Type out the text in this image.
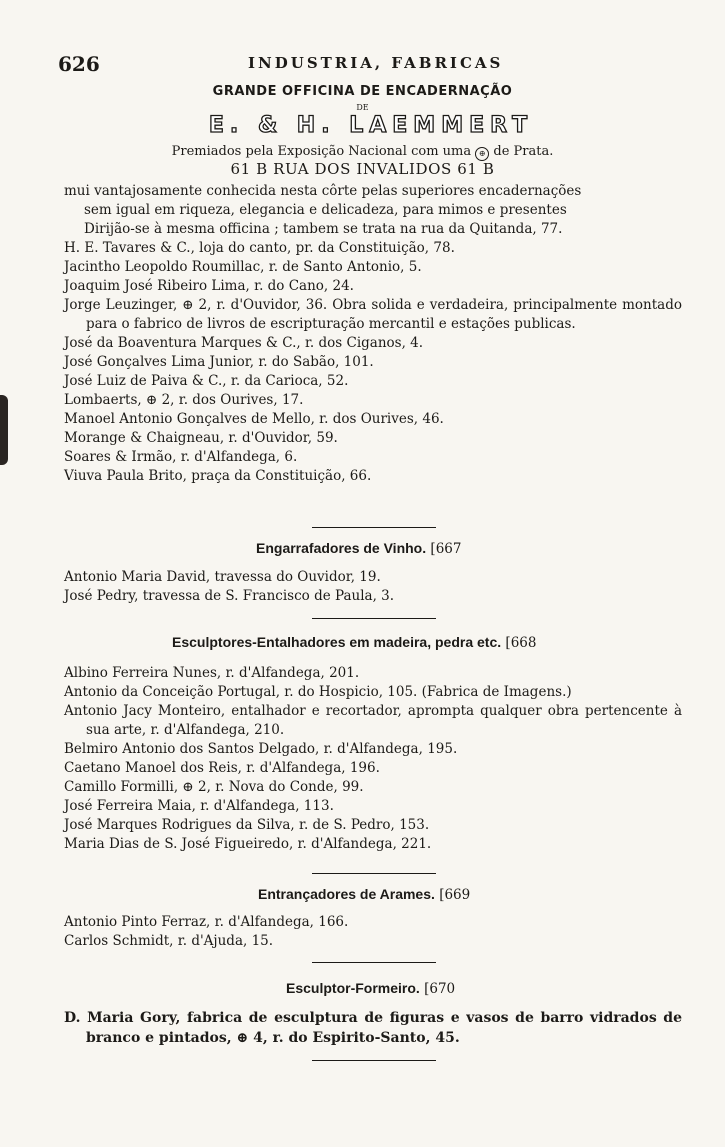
626	INDUSTRIA, FABRICAS
GRANDE OFFICINA DE ENCADERNAÇÃO
DE
E. & H. LAEMMERT
Premiados pela Exposição Nacional com uma ⊕ de Prata.
61 B RUA DOS INVALIDOS 61 B

mui vantajosamente conhecida nesta côrte pelas superiores encadernações

sem igual em riqueza, elegancia e delicadeza, para mimos e presentes

Dirijão-se à mesma officina ; tambem se trata na rua da Quitanda, 77.

H. E. Tavares & C., loja do canto, pr. da Constituição, 78.

Jacintho Leopoldo Roumillac, r. de Santo Antonio, 5.

Joaquim José Ribeiro Lima, r. do Cano, 24.

Jorge Leuzinger, ⊕ 2, r. d'Ouvidor, 36. Obra solida e verdadeira, principalmente montado para o fabrico de livros de escripturação mercantil e estações publicas.

José da Boaventura Marques & C., r. dos Ciganos, 4.

José Gonçalves Lima Junior, r. do Sabão, 101.

José Luiz de Paiva & C., r. da Carioca, 52.

Lombaerts, ⊕ 2, r. dos Ourives, 17.

Manoel Antonio Gonçalves de Mello, r. dos Ourives, 46.

Morange & Chaigneau, r. d'Ouvidor, 59.

Soares & Irmão, r. d'Alfandega, 6.

Viuva Paula Brito, praça da Constituição, 66.

Engarrafadores de Vinho. [667

Antonio Maria David, travessa do Ouvidor, 19.

José Pedry, travessa de S. Francisco de Paula, 3.

Esculptores-Entalhadores em madeira, pedra etc. [668

Albino Ferreira Nunes, r. d'Alfandega, 201.

Antonio da Conceição Portugal, r. do Hospicio, 105. (Fabrica de Imagens.)

Antonio Jacy Monteiro, entalhador e recortador, apromptа qualquer obra pertencente à sua arte, r. d'Alfandega, 210.

Belmiro Antonio dos Santos Delgado, r. d'Alfandega, 195.

Caetano Manoel dos Reis, r. d'Alfandega, 196.

Camillo Formilli, ⊕ 2, r. Nova do Conde, 99.

José Ferreira Maia, r. d'Alfandega, 113.

José Marques Rodrigues da Silva, r. de S. Pedro, 153.

Maria Dias de S. José Figueiredo, r. d'Alfandega, 221.

Entrançadores de Arames. [669

Antonio Pinto Ferraz, r. d'Alfandega, 166.

Carlos Schmidt, r. d'Ajuda, 15.

Esculptor-Formeiro. [670

D. Maria Gory, fabrica de esculptura de figuras e vasos de barro vidrados de branco e pintados, ⊕ 4, r. do Espirito-Santo, 45.
